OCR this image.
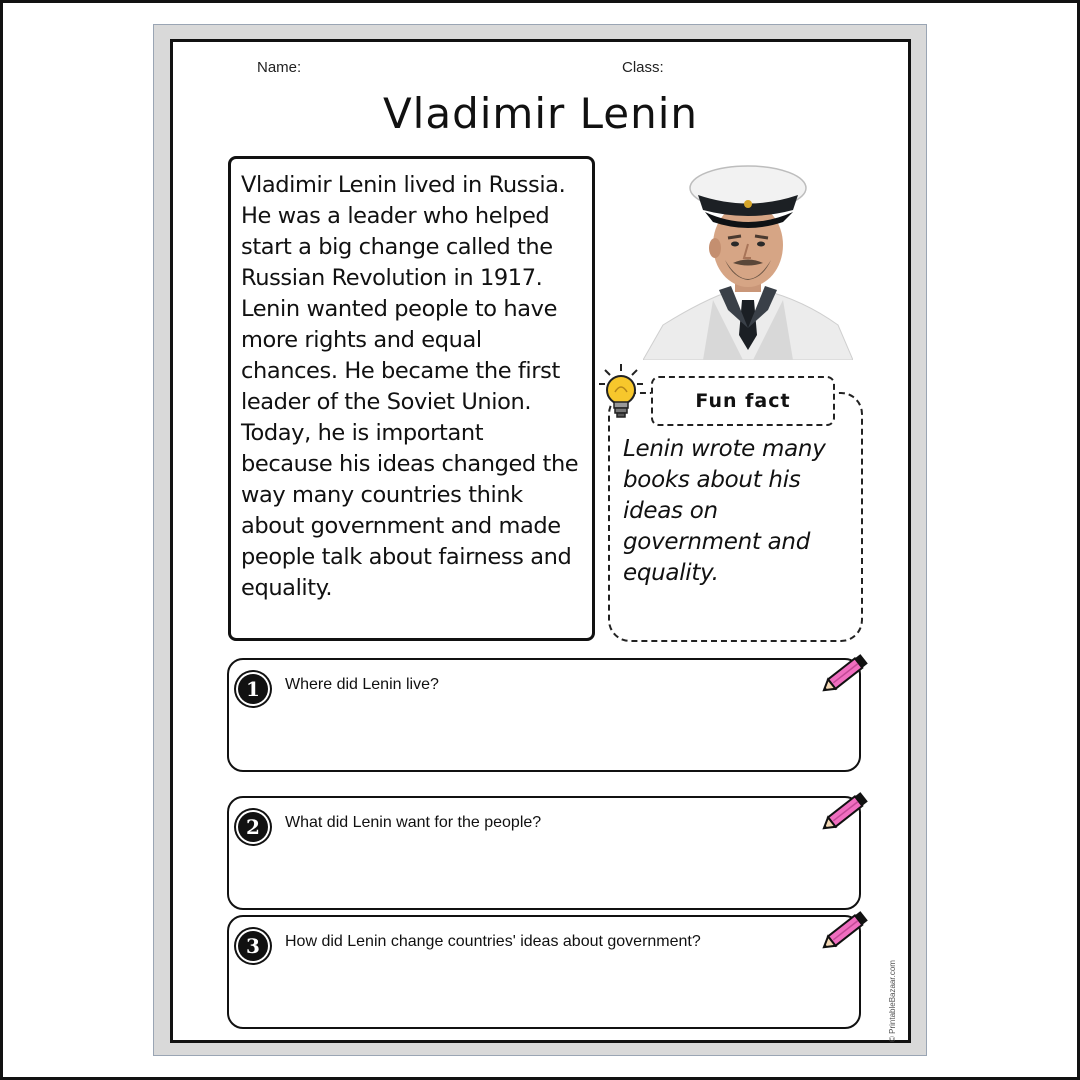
Name:	Class:
Vladimir Lenin

Vladimir Lenin lived in Russia. He was a leader who helped start a big change called the Russian Revolution in 1917. Lenin wanted people to have more rights and equal chances. He became the first leader of the Soviet Union. Today, he is important because his ideas changed the way many countries think about government and made people talk about fairness and equality.

Fun fact
Lenin wrote many books about his ideas on government and equality.
1	Where did Lenin live?
2	What did Lenin want for the people?
3	How did Lenin change countries' ideas about government?
© PrintableBazaar.com
